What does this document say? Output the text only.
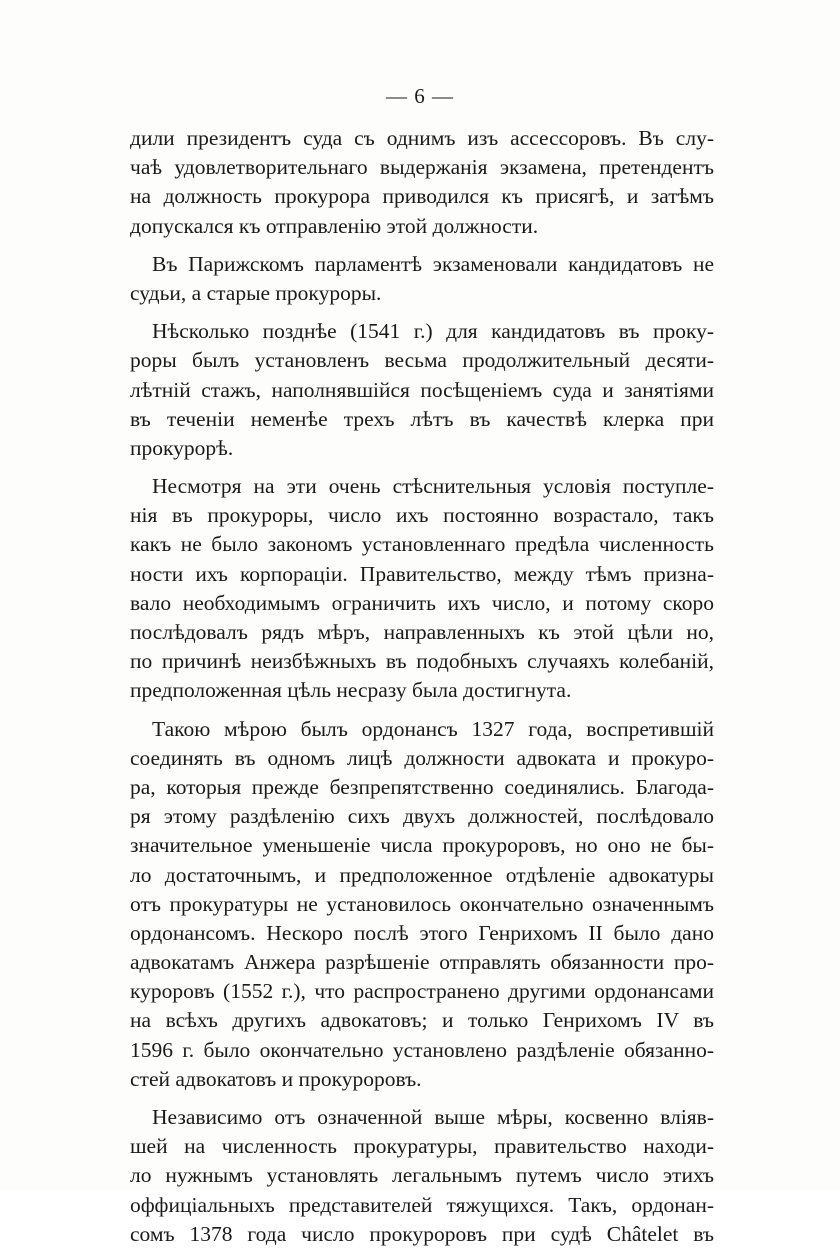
— 6 —
дили президентъ суда съ однимъ изъ ассессоровъ. Въ слу-
чаѣ удовлетворительнаго выдержанія экзамена, претендентъ
на должность прокурора приводился къ присягѣ, и затѣмъ
допускался къ отправленію этой должности.
Въ Парижскомъ парламентѣ экзаменовали кандидатовъ не
судьи, а старые прокуроры.
Нѣсколько позднѣе (1541 г.) для кандидатовъ въ проку-
роры былъ установленъ весьма продолжительный десяти-
лѣтній стажъ, наполнявшійся посѣщеніемъ суда и занятіями
въ теченіи неменѣе трехъ лѣтъ въ качествѣ клерка при
прокурорѣ.
Несмотря на эти очень стѣснительныя условія поступле-
нія въ прокуроры, число ихъ постоянно возрастало, такъ
какъ не было закономъ установленнаго предѣла численность
ности ихъ корпораціи. Правительство, между тѣмъ призна-
вало необходимымъ ограничить ихъ число, и потому скоро
послѣдовалъ рядъ мѣръ, направленныхъ къ этой цѣли но,
по причинѣ неизбѣжныхъ въ подобныхъ случаяхъ колебаній,
предположенная цѣль несразу была достигнута.
Такою мѣрою былъ ордонансъ 1327 года, воспретившій
соединять въ одномъ лицѣ должности адвоката и прокуро-
ра, которыя прежде безпрепятственно соединялись. Благода-
ря этому раздѣленію сихъ двухъ должностей, послѣдовало
значительное уменьшеніе числа прокуроровъ, но оно не бы-
ло достаточнымъ, и предположенное отдѣленіе адвокатуры
отъ прокуратуры не установилось окончательно означеннымъ
ордонансомъ. Нескоро послѣ этого Генрихомъ II было дано
адвокатамъ Анжера разрѣшеніе отправлять обязанности про-
куроровъ (1552 г.), что распространено другими ордонансами
на всѣхъ другихъ адвокатовъ; и только Генрихомъ IV въ
1596 г. было окончательно установлено раздѣленіе обязанно-
стей адвокатовъ и прокуроровъ.
Независимо отъ означенной выше мѣры, косвенно вліяв-
шей на численность прокуратуры, правительство находи-
ло нужнымъ установлять легальнымъ путемъ число этихъ
оффиціальныхъ представителей тяжущихся. Такъ, ордонан-
сомъ 1378 года число прокуроровъ при судѣ Châtelet въ
